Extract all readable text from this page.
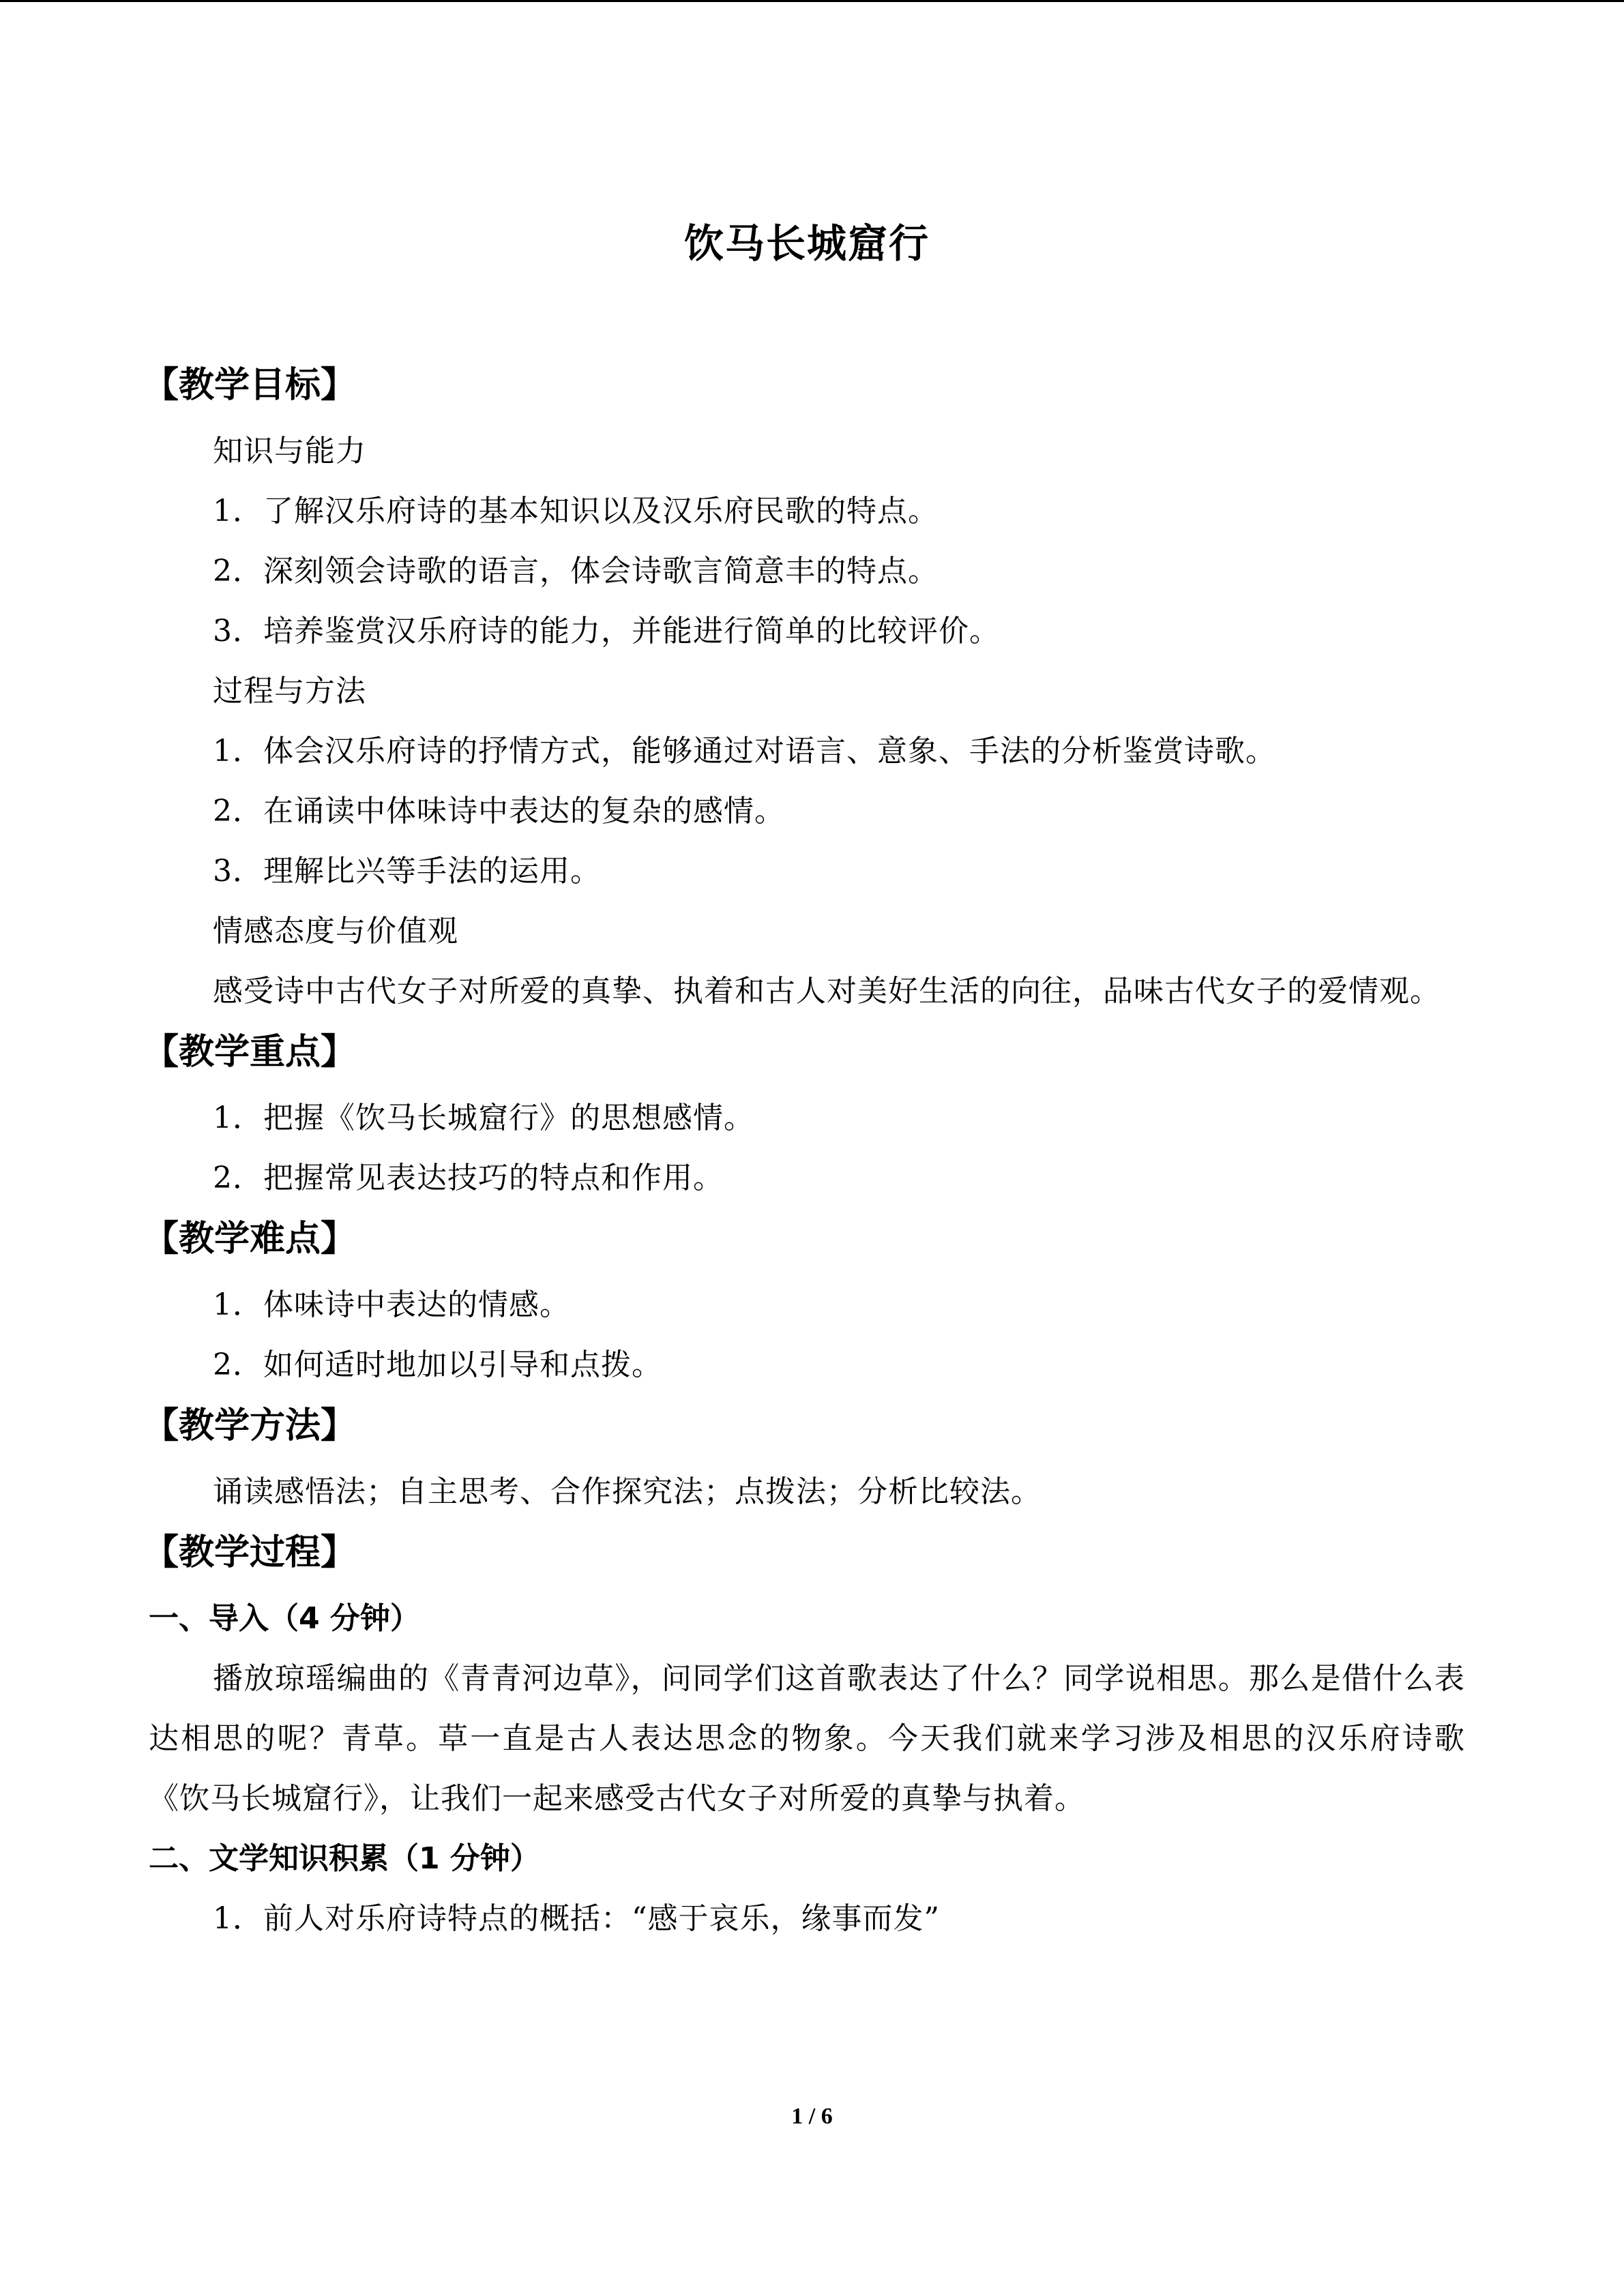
饮马长城窟行
【教学目标】

知识与能力

1．了解汉乐府诗的基本知识以及汉乐府民歌的特点。

2．深刻领会诗歌的语言，体会诗歌言简意丰的特点。

3．培养鉴赏汉乐府诗的能力，并能进行简单的比较评价。

过程与方法

1．体会汉乐府诗的抒情方式，能够通过对语言、意象、手法的分析鉴赏诗歌。

2．在诵读中体味诗中表达的复杂的感情。

3．理解比兴等手法的运用。

情感态度与价值观

感受诗中古代女子对所爱的真挚、执着和古人对美好生活的向往，品味古代女子的爱情观。

【教学重点】

1．把握《饮马长城窟行》的思想感情。

2．把握常见表达技巧的特点和作用。

【教学难点】

1．体味诗中表达的情感。

2．如何适时地加以引导和点拨。

【教学方法】

诵读感悟法；自主思考、合作探究法；点拨法；分析比较法。

【教学过程】

一、导入（4 分钟）

播放琼瑶编曲的《青青河边草》，问同学们这首歌表达了什么？同学说相思。那么是借什么表达相思的呢？青草。草一直是古人表达思念的物象。今天我们就来学习涉及相思的汉乐府诗歌《饮马长城窟行》，让我们一起来感受古代女子对所爱的真挚与执着。

二、文学知识积累（1 分钟）

1．前人对乐府诗特点的概括：“感于哀乐，缘事而发”

1 / 6
